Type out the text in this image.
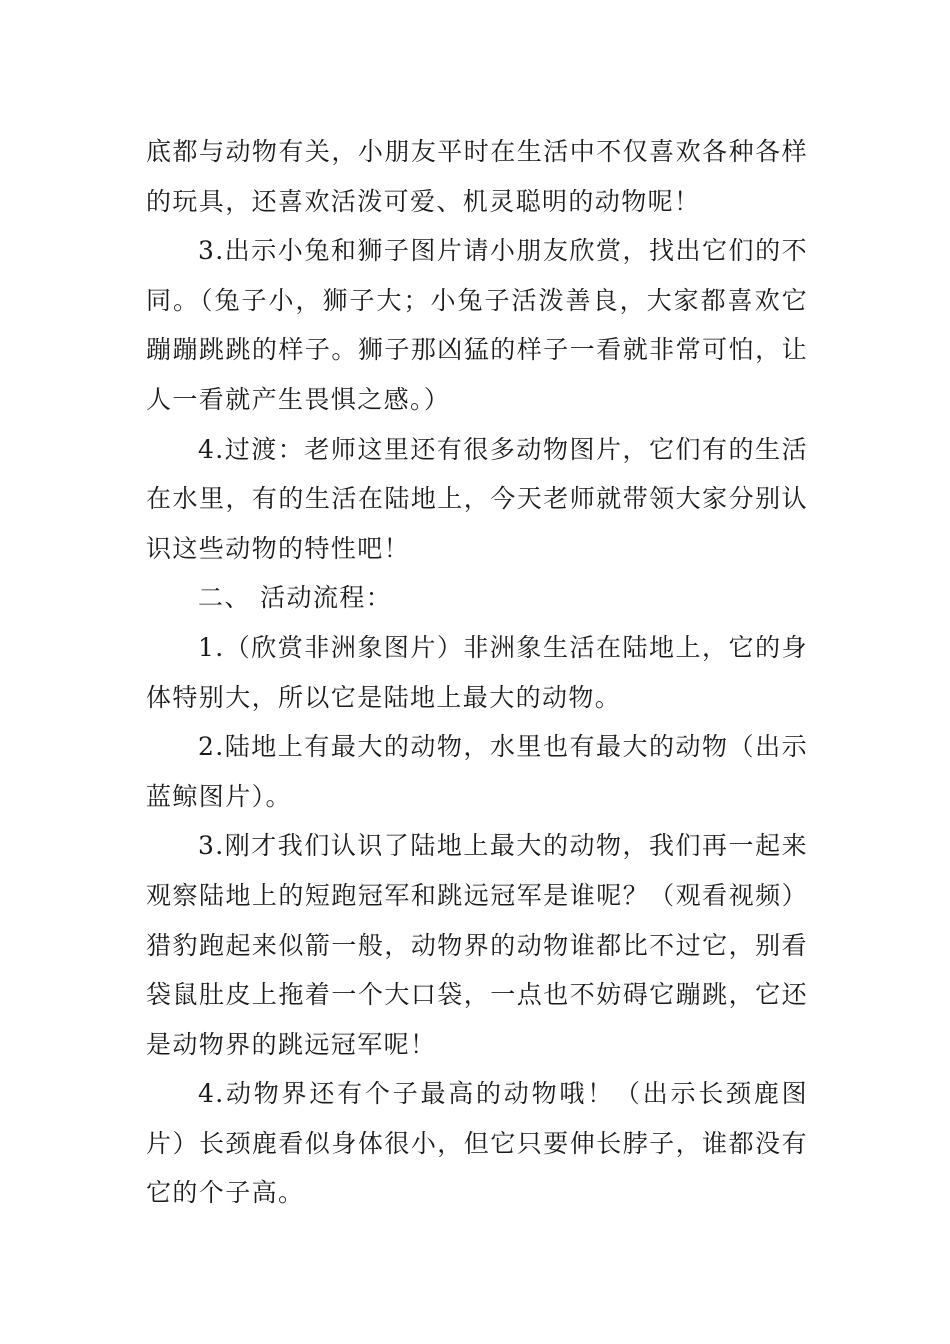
底都与动物有关，小朋友平时在生活中不仅喜欢各种各样的玩具，还喜欢活泼可爱、机灵聪明的动物呢！

3.出示小兔和狮子图片请小朋友欣赏，找出它们的不同。（兔子小，狮子大；小兔子活泼善良，大家都喜欢它蹦蹦跳跳的样子。狮子那凶猛的样子一看就非常可怕，让人一看就产生畏惧之感。）

4.过渡：老师这里还有很多动物图片，它们有的生活在水里，有的生活在陆地上，今天老师就带领大家分别认识这些动物的特性吧！

二、 活动流程：

1.（欣赏非洲象图片）非洲象生活在陆地上，它的身体特别大，所以它是陆地上最大的动物。

2.陆地上有最大的动物，水里也有最大的动物（出示蓝鲸图片）。

3.刚才我们认识了陆地上最大的动物，我们再一起来观察陆地上的短跑冠军和跳远冠军是谁呢？（观看视频）猎豹跑起来似箭一般，动物界的动物谁都比不过它，别看袋鼠肚皮上拖着一个大口袋，一点也不妨碍它蹦跳，它还是动物界的跳远冠军呢！

4.动物界还有个子最高的动物哦！（出示长颈鹿图片）长颈鹿看似身体很小，但它只要伸长脖子，谁都没有它的个子高。
